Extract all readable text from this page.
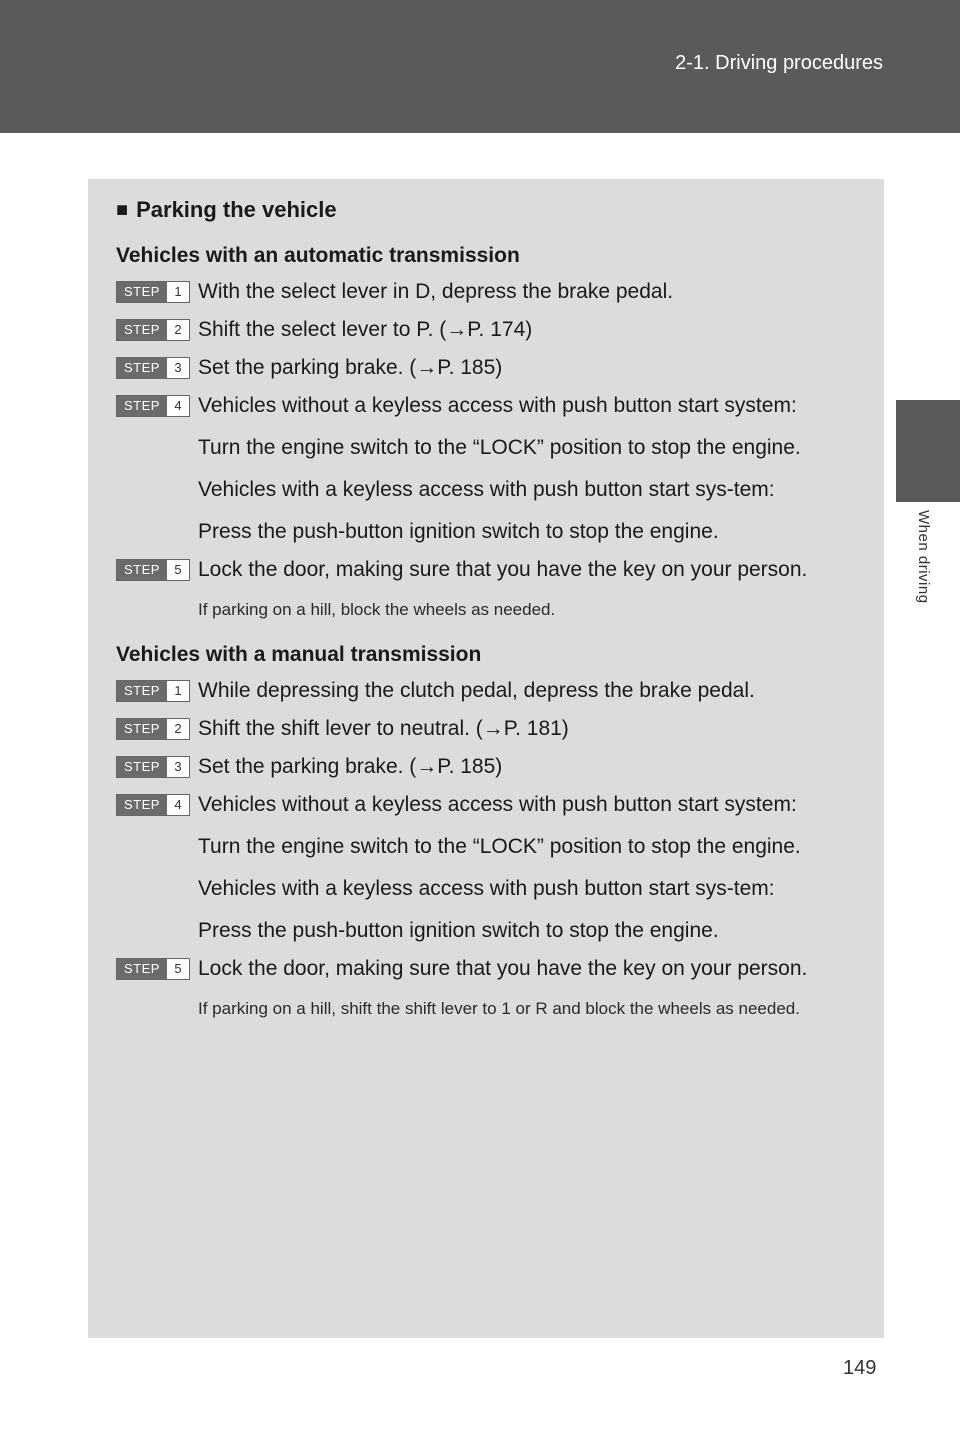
2-1. Driving procedures
2
When driving
■ Parking the vehicle
Vehicles with an automatic transmission
STEP	1 With the select lever in D, depress the brake pedal.

STEP	2 Shift the select lever to P. (→P. 174)

STEP	3 Set the parking brake. (→P. 185)

STEP	4 Vehicles without a keyless access with push button start system:

Turn the engine switch to the “LOCK” position to stop the engine.

Vehicles with a keyless access with push button start sys-tem:

Press the push-button ignition switch to stop the engine.

STEP	5 Lock the door, making sure that you have the key on your person.

If parking on a hill, block the wheels as needed.
Vehicles with a manual transmission
STEP	1 While depressing the clutch pedal, depress the brake pedal.

STEP	2 Shift the shift lever to neutral. (→P. 181)

STEP	3 Set the parking brake. (→P. 185)

STEP	4 Vehicles without a keyless access with push button start system:

Turn the engine switch to the “LOCK” position to stop the engine.

Vehicles with a keyless access with push button start sys-tem:

Press the push-button ignition switch to stop the engine.

STEP	5 Lock the door, making sure that you have the key on your person.

If parking on a hill, shift the shift lever to 1 or R and block the wheels as needed.
149
